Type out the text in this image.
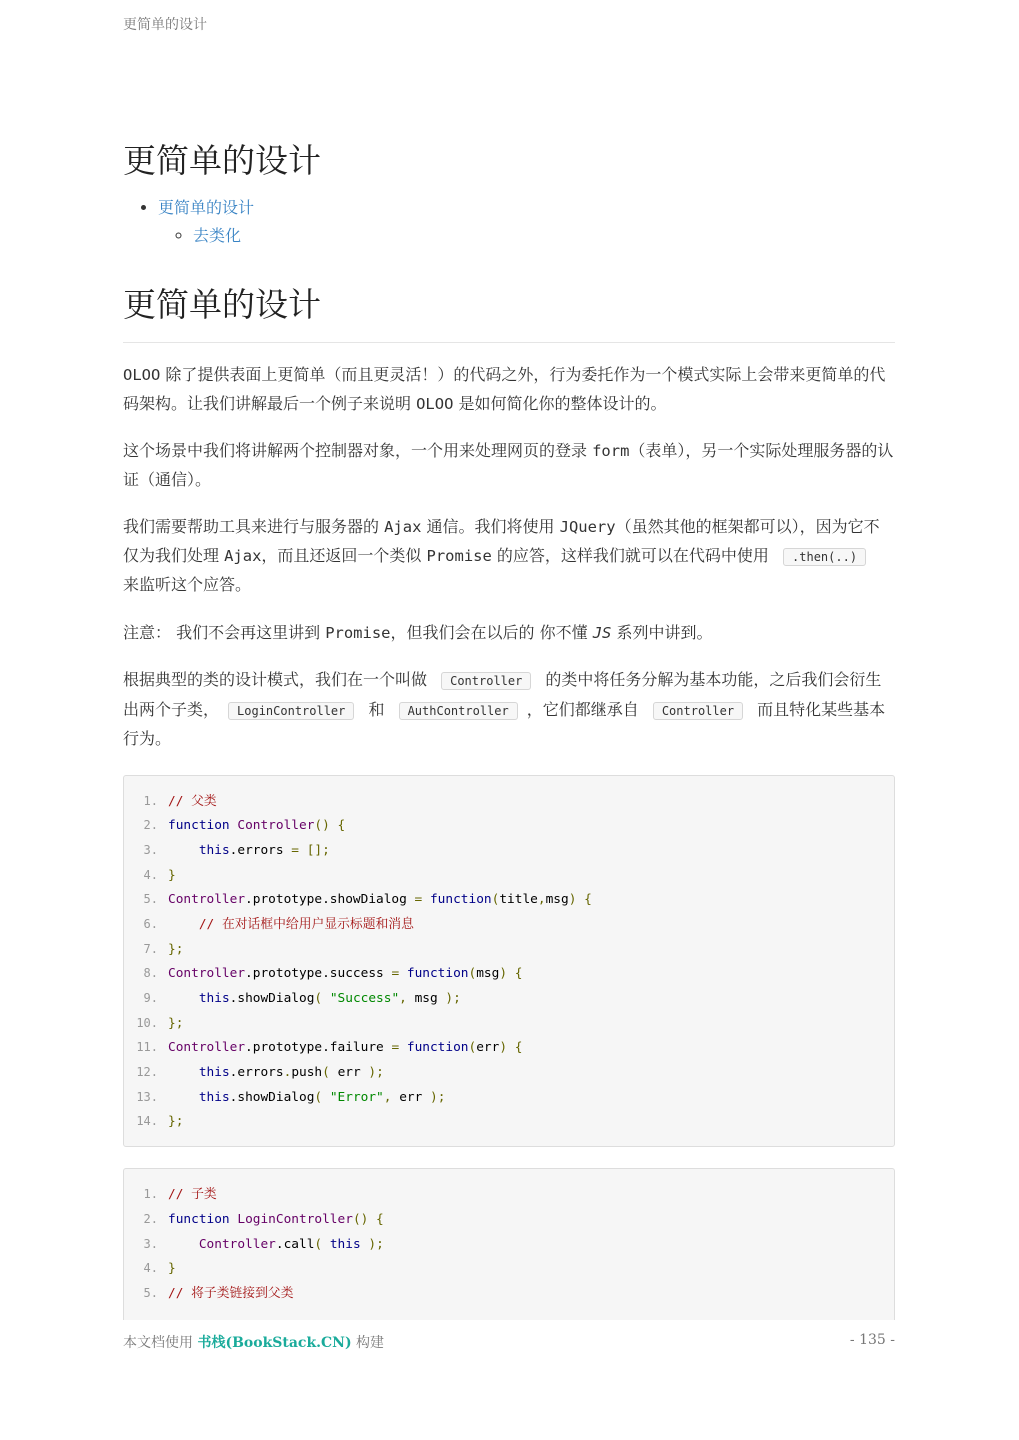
更简单的设计
更简单的设计
• 更简单的设计
◦ 去类化
更简单的设计

OLOO 除了提供表面上更简单（而且更灵活！）的代码之外，行为委托作为一个模式实际上会带来更简单的代码架构。让我们讲解最后一个例子来说明 OLOO 是如何简化你的整体设计的。

这个场景中我们将讲解两个控制器对象，一个用来处理网页的登录 form（表单），另一个实际处理服务器的认证（通信）。

我们需要帮助工具来进行与服务器的 Ajax 通信。我们将使用 JQuery（虽然其他的框架都可以），因为它不仅为我们处理 Ajax，而且还返回一个类似 Promise 的应答，这样我们就可以在代码中使用 .then(..) 来监听这个应答。

注意： 我们不会再这里讲到 Promise，但我们会在以后的 你不懂 JS 系列中讲到。

根据典型的类的设计模式，我们在一个叫做 Controller 的类中将任务分解为基本功能，之后我们会衍生出两个子类， LoginController 和 AuthController ，它们都继承自 Controller 而且特化某些基本行为。

1. // 父类
2. function Controller() {
3.	this.errors = [];
4. }
5. Controller.prototype.showDialog = function(title,msg) {
6.	// 在对话框中给用户显示标题和消息
7. };
8. Controller.prototype.success = function(msg) {
9.	this.showDialog( "Success", msg );
10. };
11. Controller.prototype.failure = function(err) {
12.	this.errors.push( err );
13.	this.showDialog( "Error", err );
14. };
1. // 子类
2. function LoginController() {
3.	Controller.call( this );
4. }
5. // 将子类链接到父类
本文档使用 书栈(BookStack.CN) 构建	- 135 -
